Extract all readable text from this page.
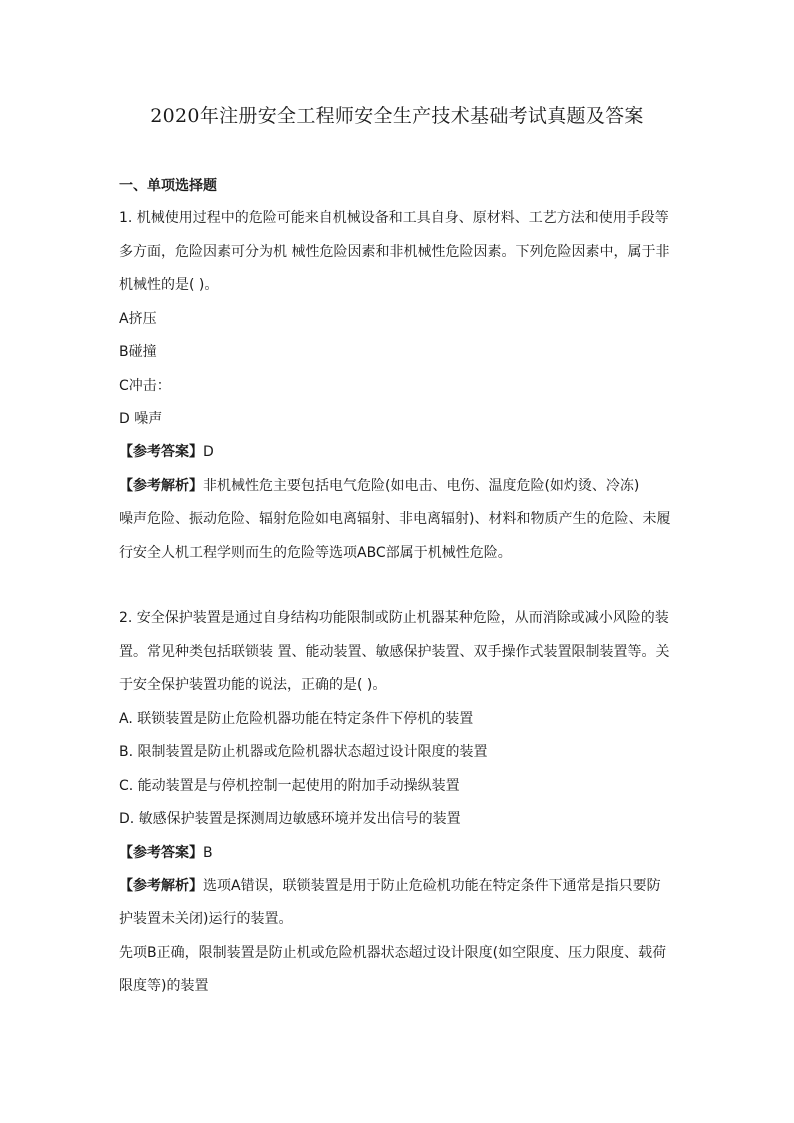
2020年注册安全工程师安全生产技术基础考试真题及答案
一、单项选择题
1. 机械使用过程中的危险可能来自机械设备和工具自身、原材料、工艺方法和使用手段等
多方面，危险因素可分为机 械性危险因素和非机械性危险因素。下列危险因素中，属于非
机械性的是( )。
A挤压
B碰撞
C冲击：
D 噪声
【参考答案】D
【参考解析】非机械性危主要包括电气危险(如电击、电伤、温度危险(如灼烫、冷冻)
噪声危险、振动危险、辐射危险如电离辐射、非电离辐射)、材料和物质产生的危险、未履
行安全人机工程学则而生的危险等选项ABC部属于机械性危险。
2. 安全保护装置是通过自身结构功能限制或防止机器某种危险，从而消除或减小风险的装
置。常见种类包括联锁装 置、能动装置、敏感保护装置、双手操作式装置限制装置等。关
于安全保护装置功能的说法，正确的是( )。
A. 联锁装置是防止危险机器功能在特定条件下停机的装置
B. 限制装置是防止机器或危险机器状态超过设计限度的装置
C. 能动装置是与停机控制一起使用的附加手动操纵装置
D. 敏感保护装置是探测周边敏感环境并发出信号的装置
【参考答案】B
【参考解析】选项A错误，联锁装置是用于防止危硷机功能在特定条件下通常是指只要防
护装置未关闭)运行的装置。
先项B正确，限制装置是防止机或危险机器状态超过设计限度(如空限度、压力限度、载荷
限度等)的装置
